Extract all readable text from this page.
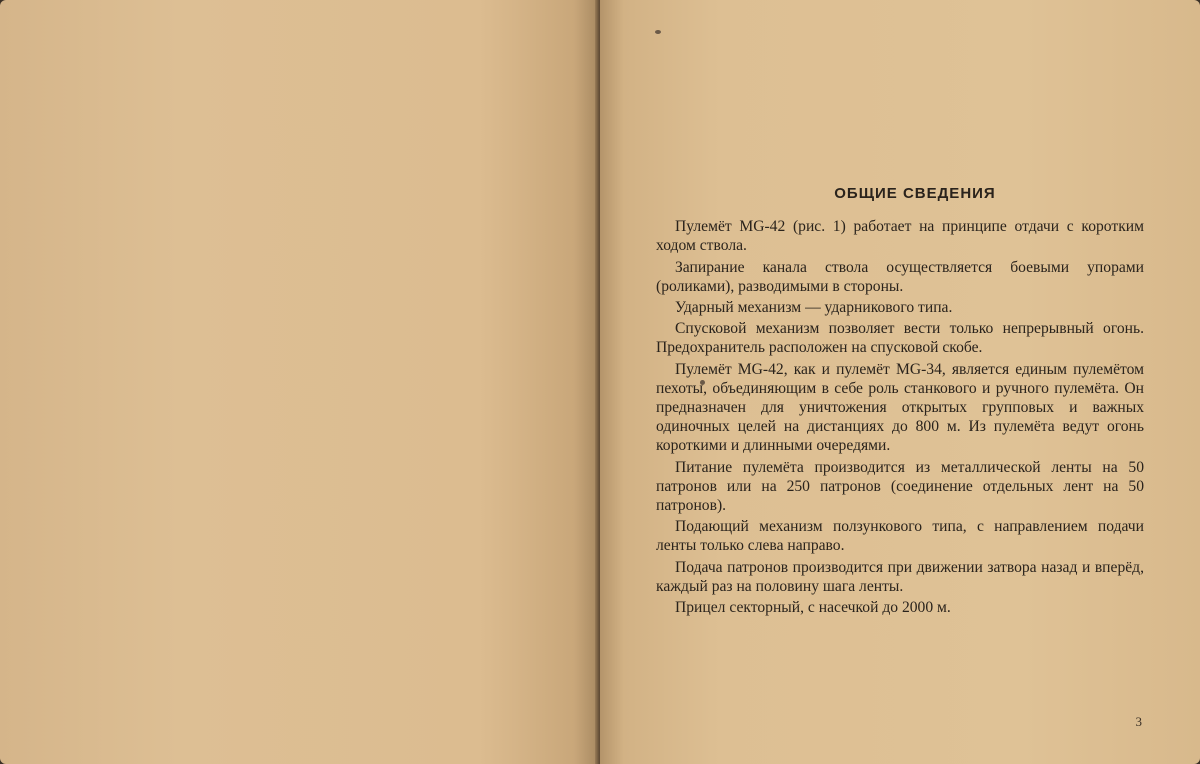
ОБЩИЕ СВЕДЕНИЯ

Пулемёт MG-42 (рис. 1) работает на принципе отдачи с коротким ходом ствола.

Запирание канала ствола осуществляется боевыми упорами (роликами), разводимыми в стороны.

Ударный механизм — ударникового типа.

Спусковой механизм позволяет вести только непрерывный огонь. Предохранитель расположен на спусковой скобе.

Пулемёт MG-42, как и пулемёт MG-34, является единым пулемётом пехоты, объединяющим в себе роль станкового и ручного пулемёта. Он предназначен для уничтожения открытых групповых и важных одиночных целей на дистанциях до 800 м. Из пулемёта ведут огонь короткими и длинными очередями.

Питание пулемёта производится из металлической ленты на 50 патронов или на 250 патронов (соединение отдельных лент на 50 патронов).

Подающий механизм ползункового типа, с направлением подачи ленты только слева направо.

Подача патронов производится при движении затвора назад и вперёд, каждый раз на половину шага ленты.

Прицел секторный, с насечкой до 2000 м.

3
